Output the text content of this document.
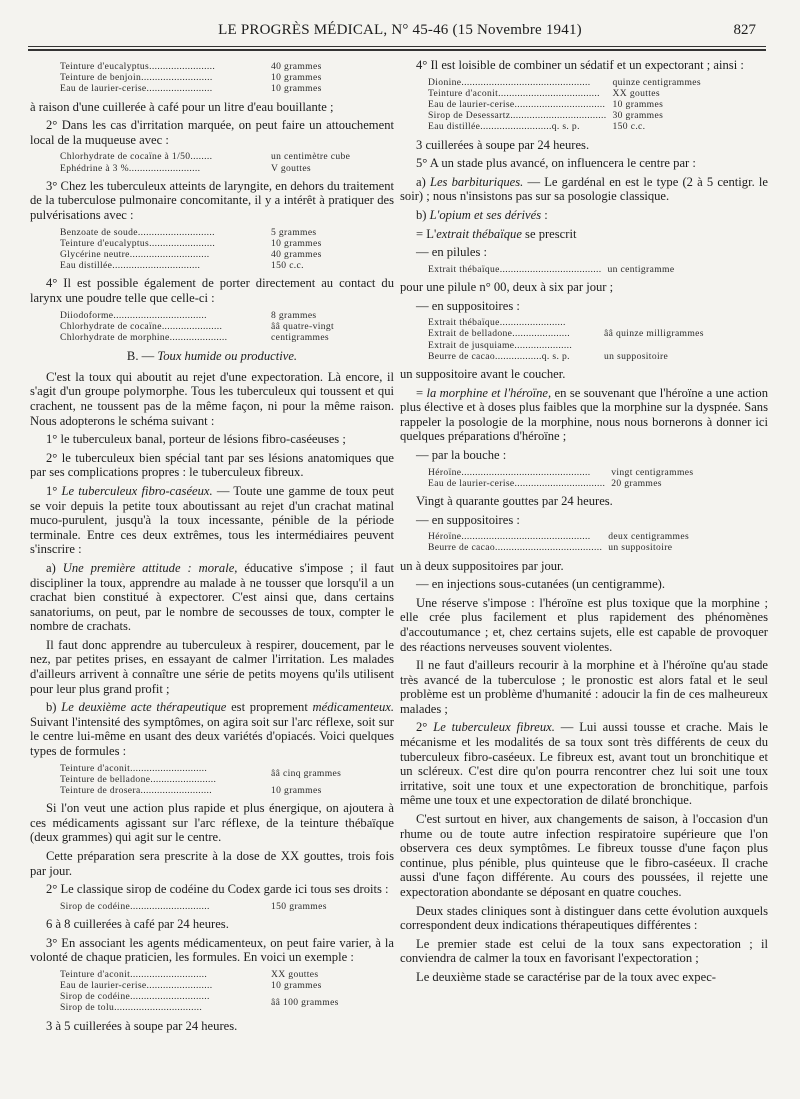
LE PROGRÈS MÉDICAL, N° 45-46 (15 Novembre 1941)	827
Teinture d'eucalyptus........................	40 grammes
Teinture de benjoin..........................	10 grammes
Eau de laurier-cerise........................	10 grammes

à raison d'une cuillerée à café pour un litre d'eau bouillante ;

2° Dans les cas d'irritation marquée, on peut faire un attouchement local de la muqueuse avec :

Chlorhydrate de cocaïne à 1/50........	un centimètre cube
Ephédrine à 3 %..........................	V gouttes

3° Chez les tuberculeux atteints de laryngite, en dehors du traitement de la tuberculose pulmonaire concomitante, il y a intérêt à pratiquer des pulvérisations avec :

Benzoate de soude............................	5 grammes
Teinture d'eucalyptus........................	10 grammes
Glycérine neutre.............................	40 grammes
Eau distillée................................	150 c.c.

4° Il est possible également de porter directement au contact du larynx une poudre telle que celle-ci :

Diiodoforme..................................	8 grammes
Chlorhydrate de cocaïne......................	ââ quatre-vingt
Chlorhydrate de morphine.....................	centigrammes

B. — Toux humide ou productive.

C'est la toux qui aboutit au rejet d'une expectoration. Là encore, il s'agit d'un groupe polymorphe. Tous les tuberculeux qui toussent et qui crachent, ne toussent pas de la même façon, ni pour la même raison. Nous adopterons le schéma suivant :

1° le tuberculeux banal, porteur de lésions fibro-caséeuses ;

2° le tuberculeux bien spécial tant par ses lésions anatomiques que par ses complications propres : le tuberculeux fibreux.

1° Le tuberculeux fibro-caséeux. — Toute une gamme de toux peut se voir depuis la petite toux aboutissant au rejet d'un crachat matinal muco-purulent, jusqu'à la toux incessante, pénible de la période terminale. Entre ces deux extrêmes, tous les intermédiaires peuvent s'inscrire :

a) Une première attitude : morale, éducative s'impose ; il faut discipliner la toux, apprendre au malade à ne tousser que lorsqu'il a un crachat bien constitué à expectorer. C'est ainsi que, dans certains sanatoriums, on peut, par le nombre de secousses de toux, compter le nombre de crachats.

Il faut donc apprendre au tuberculeux à respirer, doucement, par le nez, par petites prises, en essayant de calmer l'irritation. Les malades d'ailleurs arrivent à connaître une série de petits moyens qu'ils utilisent pour leur plus grand profit ;

b) Le deuxième acte thérapeutique est proprement médicamenteux. Suivant l'intensité des symptômes, on agira soit sur l'arc réflexe, soit sur le centre lui-même en usant des deux variétés d'opiacés. Voici quelques types de formules :

Teinture d'aconit............................	ââ cinq grammes
Teinture de belladone........................	
Teinture de drosera..........................	10 grammes

Si l'on veut une action plus rapide et plus énergique, on ajoutera à ces médicaments agissant sur l'arc réflexe, de la teinture thébaïque (deux grammes) qui agit sur le centre.

Cette préparation sera prescrite à la dose de XX gouttes, trois fois par jour.

2° Le classique sirop de codéine du Codex garde ici tous ses droits :

Sirop de codéine.............................	150 grammes

6 à 8 cuillerées à café par 24 heures.

3° En associant les agents médicamenteux, on peut faire varier, à la volonté de chaque praticien, les formules. En voici un exemple :

Teinture d'aconit............................	XX gouttes
Eau de laurier-cerise........................	10 grammes
Sirop de codéine.............................	ââ 100 grammes
Sirop de tolu................................	

3 à 5 cuillerées à soupe par 24 heures.

4° Il est loisible de combiner un sédatif et un expectorant ; ainsi :

Dionine...............................................	quinze centigrammes
Teinture d'aconit.....................................	XX gouttes
Eau de laurier-cerise.................................	10 grammes
Sirop de Desessartz...................................	30 grammes
Eau distillée..........................q. s. p.	150 c.c.

3 cuillerées à soupe par 24 heures.

5° A un stade plus avancé, on influencera le centre par :

a) Les barbituriques. — Le gardénal en est le type (2 à 5 centigr. le soir) ; nous n'insistons pas sur sa posologie classique.

b) L'opium et ses dérivés :

= L'extrait thébaïque se prescrit

— en pilules :

Extrait thébaïque.....................................	un centigramme

pour une pilule n° 00, deux à six par jour ;

— en suppositoires :

Extrait thébaïque........................	ââ quinze milligrammes
Extrait de belladone.....................	
Extrait de jusquiame.....................	
Beurre de cacao.................q. s. p.	un suppositoire

un suppositoire avant le coucher.

= la morphine et l'héroïne, en se souvenant que l'héroïne a une action plus élective et à doses plus faibles que la morphine sur la dyspnée. Sans rappeler la posologie de la morphine, nous nous bornerons à donner ici quelques préparations d'héroïne ;

— par la bouche :

Héroïne...............................................	vingt centigrammes
Eau de laurier-cerise.................................	20 grammes

Vingt à quarante gouttes par 24 heures.

— en suppositoires :

Héroïne...............................................	deux centigrammes
Beurre de cacao.......................................	un suppositoire

un à deux suppositoires par jour.

— en injections sous-cutanées (un centigramme).

Une réserve s'impose : l'héroïne est plus toxique que la morphine ; elle crée plus facilement et plus rapidement des phénomènes d'accoutumance ; et, chez certains sujets, elle est capable de provoquer des réactions nerveuses souvent violentes.

Il ne faut d'ailleurs recourir à la morphine et à l'héroïne qu'au stade très avancé de la tuberculose ; le pronostic est alors fatal et le seul problème est un problème d'humanité : adoucir la fin de ces malheureux malades ;

2° Le tuberculeux fibreux. — Lui aussi tousse et crache. Mais le mécanisme et les modalités de sa toux sont très différents de ceux du tuberculeux fibro-caséeux. Le fibreux est, avant tout un bronchitique et un scléreux. C'est dire qu'on pourra rencontrer chez lui soit une toux irritative, soit une toux et une expectoration de bronchitique, parfois même une toux et une expectoration de dilaté bronchique.

C'est surtout en hiver, aux changements de saison, à l'occasion d'un rhume ou de toute autre infection respiratoire supérieure que l'on observera ces deux symptômes. Le fibreux tousse d'une façon plus continue, plus pénible, plus quinteuse que le fibro-caséeux. Il crache aussi d'une façon différente. Au cours des poussées, il rejette une expectoration abondante se déposant en quatre couches.

Deux stades cliniques sont à distinguer dans cette évolution auxquels correspondent deux indications thérapeutiques différentes :

Le premier stade est celui de la toux sans expectoration ; il conviendra de calmer la toux en favorisant l'expectoration ;

Le deuxième stade se caractérise par de la toux avec expec-
